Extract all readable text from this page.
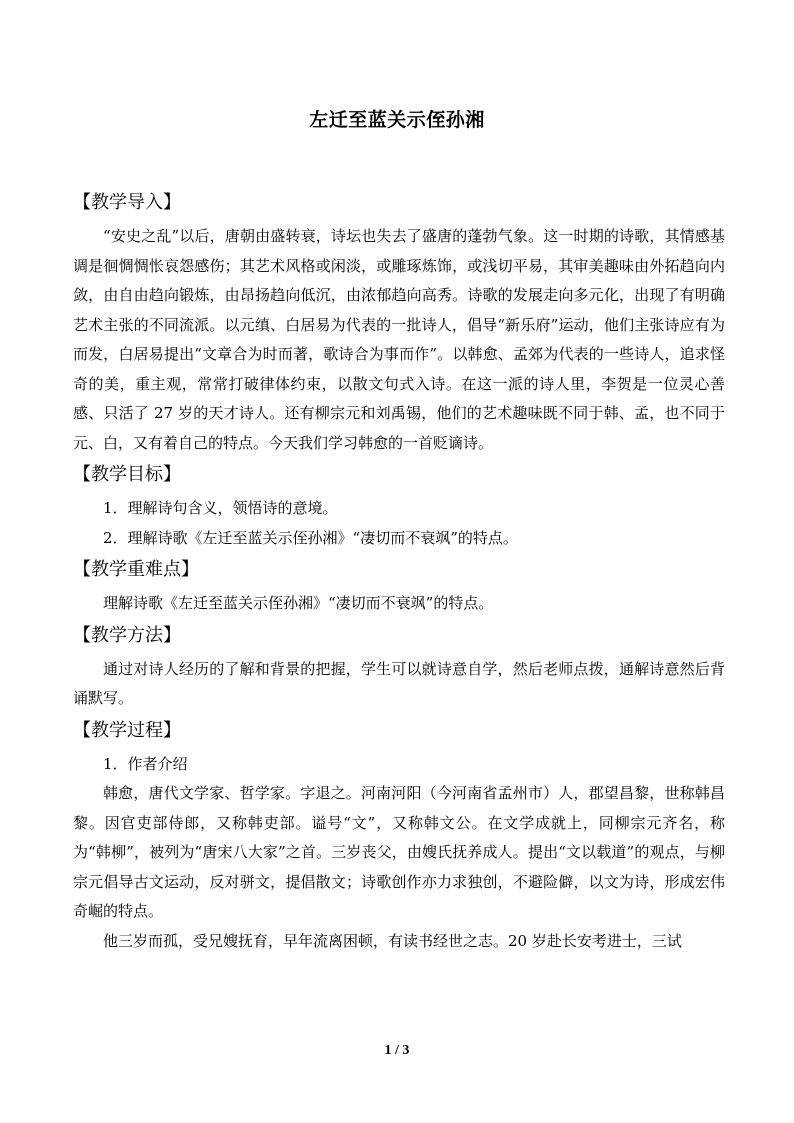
左迁至蓝关示侄孙湘
【教学导入】

“安史之乱”以后，唐朝由盛转衰，诗坛也失去了盛唐的蓬勃气象。这一时期的诗歌，其情感基调是徊惆惆怅哀怨感伤；其艺术风格或闲淡，或雕琢炼饰，或浅切平易，其审美趣味由外拓趋向内敛，由自由趋向锻炼，由昂扬趋向低沉，由浓郁趋向高秀。诗歌的发展走向多元化，出现了有明确艺术主张的不同流派。以元缜、白居易为代表的一批诗人，倡导“新乐府”运动，他们主张诗应有为而发，白居易提出“文章合为时而著，歌诗合为事而作”。以韩愈、孟郊为代表的一些诗人，追求怪奇的美，重主观，常常打破律体约束，以散文句式入诗。在这一派的诗人里，李贺是一位灵心善感、只活了 27 岁的天才诗人。还有柳宗元和刘禹锡，他们的艺术趣味既不同于韩、孟，也不同于元、白，又有着自己的特点。今天我们学习韩愈的一首贬谪诗。

【教学目标】

1．理解诗句含义，领悟诗的意境。

2．理解诗歌《左迁至蓝关示侄孙湘》“凄切而不衰飒”的特点。

【教学重难点】

理解诗歌《左迁至蓝关示侄孙湘》“凄切而不衰飒”的特点。

【教学方法】

通过对诗人经历的了解和背景的把握，学生可以就诗意自学，然后老师点拨，通解诗意然后背诵默写。

【教学过程】

1．作者介绍

韩愈，唐代文学家、哲学家。字退之。河南河阳（今河南省孟州市）人，郡望昌黎，世称韩昌黎。因官吏部侍郎，又称韩吏部。谥号“文”，又称韩文公。在文学成就上，同柳宗元齐名，称为“韩柳”，被列为“唐宋八大家”之首。三岁丧父，由嫂氏抚养成人。提出“文以载道”的观点，与柳宗元倡导古文运动，反对骈文，提倡散文；诗歌创作亦力求独创，不避险僻，以文为诗，形成宏伟奇崛的特点。

他三岁而孤，受兄嫂抚育，早年流离困顿，有读书经世之志。20 岁赴长安考进士，三试

1 / 3
